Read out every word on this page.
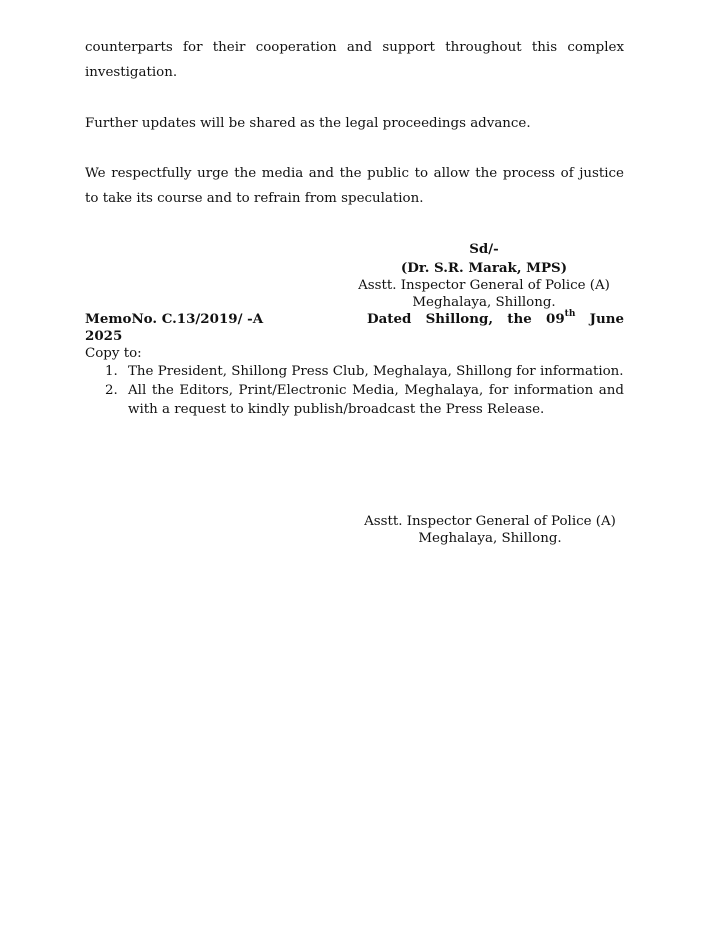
counterparts for their cooperation and support throughout this complex investigation.
Further updates will be shared as the legal proceedings advance.
We respectfully urge the media and the public to allow the process of justice to take its course and to refrain from speculation.
Sd/-
(Dr. S.R. Marak, MPS)
Asstt. Inspector General of Police (A)
Meghalaya, Shillong.
MemoNo. C.13/2019/ -A	Dated Shillong, the 09th June
2025
Copy to:
1. The President, Shillong Press Club, Meghalaya, Shillong for information.
2. All the Editors, Print/Electronic Media, Meghalaya, for information and with a request to kindly publish/broadcast the Press Release.
Asstt. Inspector General of Police (A)
Meghalaya, Shillong.
